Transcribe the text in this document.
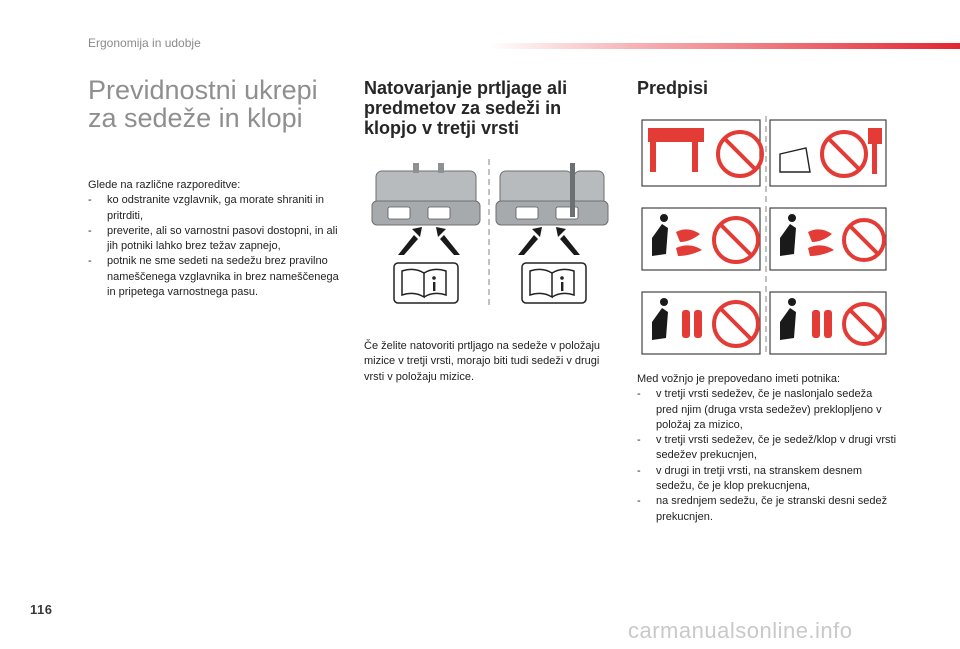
Ergonomija in udobje
Previdnostni ukrepi za sedeže in klopi
Glede na različne razporeditve:
- ko odstranite vzglavnik, ga morate shraniti in pritrditi,
- preverite, ali so varnostni pasovi dostopni, in ali jih potniki lahko brez težav zapnejo,
- potnik ne sme sedeti na sedežu brez pravilno nameščenega vzglavnika in brez nameščenega in pripetega varnostnega pasu.
Natovarjanje prtljage ali predmetov za sedeži in klopjo v tretji vrsti
Če želite natovoriti prtljago na sedeže v položaju mizice v tretji vrsti, morajo biti tudi sedeži v drugi vrsti v položaju mizice.
Predpisi
Med vožnjo je prepovedano imeti potnika:
- v tretji vrsti sedežev, če je naslonjalo sedeža pred njim (druga vrsta sedežev) preklopljeno v položaj za mizico,
- v tretji vrsti sedežev, če je sedež/klop v drugi vrsti sedežev prekucnjen,
- v drugi in tretji vrsti, na stranskem desnem sedežu, če je klop prekucnjena,
- na srednjem sedežu, če je stranski desni sedež prekucnjen.
116
carmanualsonline.info
